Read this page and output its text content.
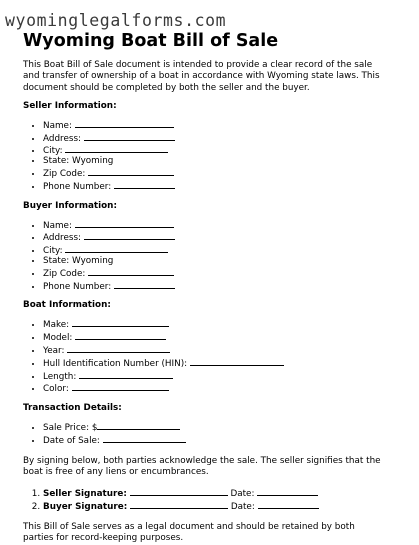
wyominglegalforms.com
Wyoming Boat Bill of Sale

This Boat Bill of Sale document is intended to provide a clear record of the sale and transfer of ownership of a boat in accordance with Wyoming state laws. This document should be completed by both the seller and the buyer.

Seller Information:
• Name:
• Address:
• City:
• State: Wyoming
• Zip Code:
• Phone Number:
Buyer Information:
• Name:
• Address:
• City:
• State: Wyoming
• Zip Code:
• Phone Number:
Boat Information:
• Make:
• Model:
• Year:
• Hull Identification Number (HIN):
• Length:
• Color:
Transaction Details:
• Sale Price: $
• Date of Sale:

By signing below, both parties acknowledge the sale. The seller signifies that the boat is free of any liens or encumbrances.

1. Seller Signature:	Date:
2. Buyer Signature:	Date:

This Bill of Sale serves as a legal document and should be retained by both parties for record-keeping purposes.
